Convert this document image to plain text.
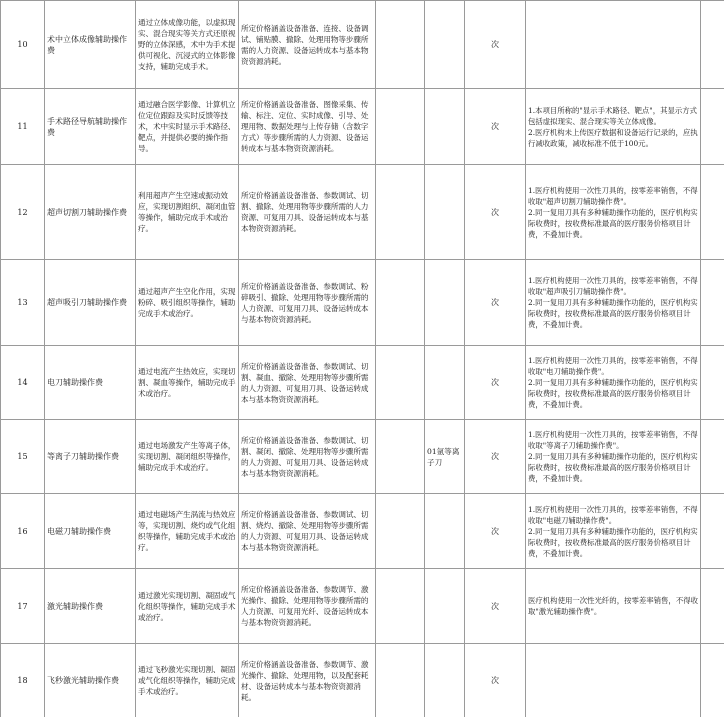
10	术中立体成像辅助操作费	通过立体成像功能，以虚拟现实、混合现实等关方式还原视野的立体深感，术中为手术提供可视化、沉浸式的立体影像支持，辅助完成手术。	所定价格涵盖设备准备、连接、设备调试、铺贴膜、撤除、处理用物等步骤所需的人力资源、设备运转成本与基本物资资源消耗。			次		
11	手术路径导航辅助操作费	通过融合医学影像、计算机立位定位跟踪及实时反馈等技术，术中实时显示手术路径、靶点，并提供必要的操作指导。	所定价格涵盖设备准备、图像采集、传输、标注、定位、实时成像、引导、处理用物、数据处理与上传存储（含数字方式）等步骤所需的人力资源、设备运转成本与基本物资资源消耗。			次	1.本项目所称的"显示手术路径、靶点"，其显示方式包括虚拟现实、混合现实等关立体成像。

2.医疗机构未上传医疗数据和设备运行记录的，应执行减收政策，减收标准不低于100元。	

12	超声切割刀辅助操作费	利用超声产生空速或振动效应，实现切割组织、凝闭血管等操作，辅助完成手术或治疗。	所定价格涵盖设备准备、参数调试、切割、撤除、处理用物等步骤所需的人力资源、可复用刀具、设备运转成本与基本物资资源消耗。			次	1.医疗机构使用一次性刀具的，按零差率销售，不得收取"超声切割刀辅助操作费"。

2.同一复用刀具有多种辅助操作功能的，医疗机构实际收费时，按收费标准最高的医疗服务价格项目计费，不叠加计费。	

13	超声吸引刀辅助操作费	通过超声产生空化作用，实现粉碎、吸引组织等操作，辅助完成手术或治疗。	所定价格涵盖设备准备、参数调试、粉碎吸引、撤除、处理用物等步骤所需的人力资源、可复用刀具、设备运转成本与基本物资资源消耗。			次	1.医疗机构使用一次性刀具的，按零差率销售，不得收取"超声吸引刀辅助操作费"。

2.同一复用刀具有多种辅助操作功能的，医疗机构实际收费时，按收费标准最高的医疗服务价格项目计费，不叠加计费。	

14	电刀辅助操作费	通过电流产生热效应，实现切割、凝血等操作，辅助完成手术或治疗。	所定价格涵盖设备准备、参数调试、切割、凝血、撤除、处理用物等步骤所需的人力资源、可复用刀具、设备运转成本与基本物资资源消耗。			次	1.医疗机构使用一次性刀具的，按零差率销售，不得收取"电刀辅助操作费"。

2.同一复用刀具有多种辅助操作功能的，医疗机构实际收费时，按收费标准最高的医疗服务价格项目计费，不叠加计费。	

15	等离子刀辅助操作费	通过电场激发产生等离子体，实现切割、凝闭组织等操作，辅助完成手术或治疗。	所定价格涵盖设备准备、参数调试、切割、凝闭、撤除、处理用物等步骤所需的人力资源、可复用刀具、设备运转成本与基本物资资源消耗。		01氩等离子刀	次	1.医疗机构使用一次性刀具的，按零差率销售，不得收取"等离子刀辅助操作费"。

2.同一复用刀具有多种辅助操作功能的，医疗机构实际收费时，按收费标准最高的医疗服务价格项目计费，不叠加计费。	

16	电磁刀辅助操作费	通过电磁场产生涡流与热效应等，实现切割、烧灼或气化组织等操作，辅助完成手术或治疗。	所定价格涵盖设备准备、参数调试、切割、烧灼、撤除、处理用物等步骤所需的人力资源、可复用刀具、设备运转成本与基本物资资源消耗。			次	1.医疗机构使用一次性刀具的，按零差率销售，不得收取"电磁刀辅助操作费"。

2.同一复用刀具有多种辅助操作功能的，医疗机构实际收费时，按收费标准最高的医疗服务价格项目计费，不叠加计费。	

17	激光辅助操作费	通过激光实现切割、凝固或气化组织等操作，辅助完成手术或治疗。	所定价格涵盖设备准备、参数调节、激光操作、撤除、处理用物等步骤所需的人力资源、可复用光纤、设备运转成本与基本物资资源消耗。			次	医疗机构使用一次性光纤的，按零差率销售，不得收取"激光辅助操作费"。	

18	飞秒激光辅助操作费	通过飞秒激光实现切割、凝固或气化组织等操作，辅助完成手术或治疗。	所定价格涵盖设备准备、参数调节、激光操作、撤除、处理用物，以及配套耗材、设备运转成本与基本物资资源消耗。			次		
